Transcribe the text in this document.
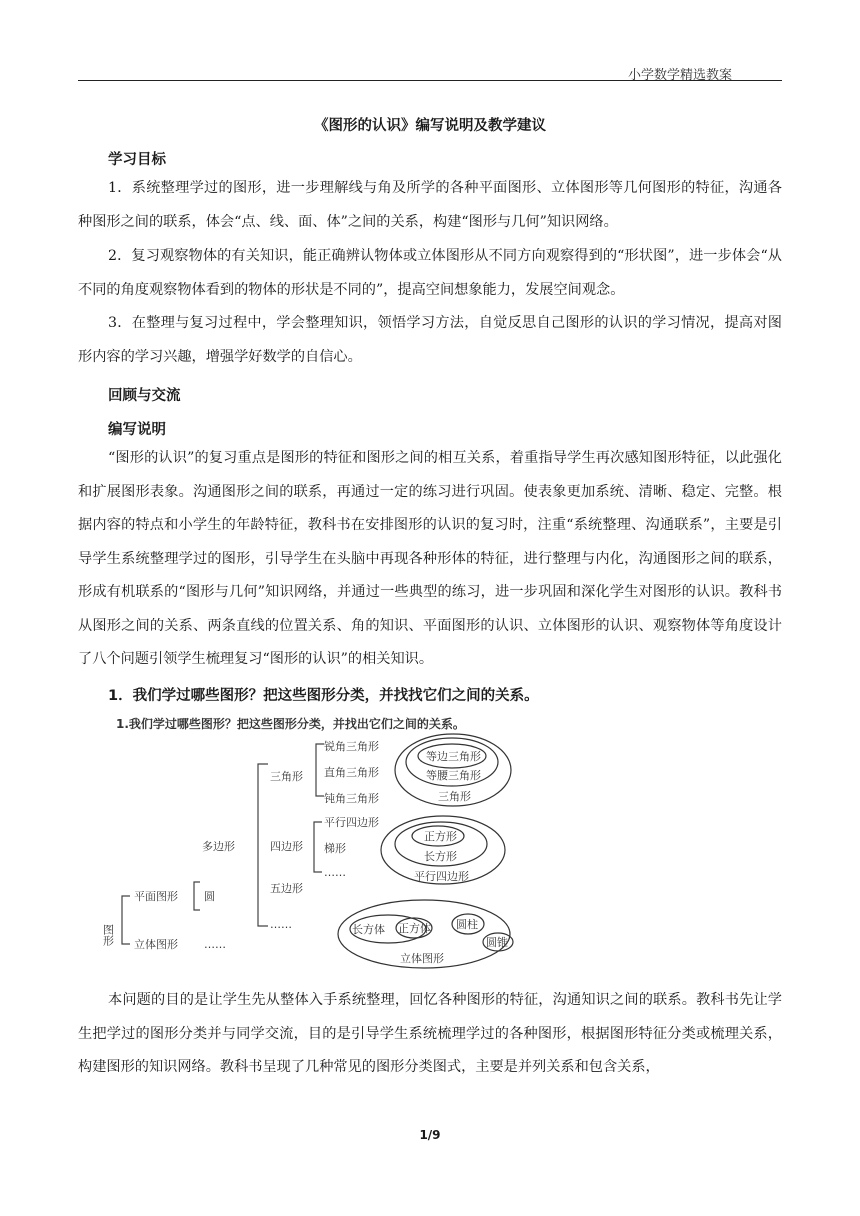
小学数学精选教案
《图形的认识》编写说明及教学建议
学习目标
1．系统整理学过的图形，进一步理解线与角及所学的各种平面图形、立体图形等几何图形的特征，沟通各种图形之间的联系，体会“点、线、面、体”之间的关系，构建“图形与几何”知识网络。
2．复习观察物体的有关知识，能正确辨认物体或立体图形从不同方向观察得到的“形状图”，进一步体会“从不同的角度观察物体看到的物体的形状是不同的”，提高空间想象能力，发展空间观念。
3．在整理与复习过程中，学会整理知识，领悟学习方法，自觉反思自己图形的认识的学习情况，提高对图形内容的学习兴趣，增强学好数学的自信心。
回顾与交流
编写说明
“图形的认识”的复习重点是图形的特征和图形之间的相互关系，着重指导学生再次感知图形特征，以此强化和扩展图形表象。沟通图形之间的联系，再通过一定的练习进行巩固。使表象更加系统、清晰、稳定、完整。根据内容的特点和小学生的年龄特征，教科书在安排图形的认识的复习时，注重“系统整理、沟通联系”，主要是引导学生系统整理学过的图形，引导学生在头脑中再现各种形体的特征，进行整理与内化，沟通图形之间的联系，形成有机联系的“图形与几何”知识网络，并通过一些典型的练习，进一步巩固和深化学生对图形的认识。教科书从图形之间的关系、两条直线的位置关系、角的知识、平面图形的认识、立体图形的认识、观察物体等角度设计了八个问题引领学生梳理复习“图形的认识”的相关知识。
1．我们学过哪些图形？把这些图形分类，并找找它们之间的关系。
1.我们学过哪些图形？把这些图形分类，并找出它们之间的关系。
图形
平面图形
立体图形 ……
多边形
圆
三角形
四边形
五边形
……
锐角三角形
直角三角形
钝角三角形
平行四边形
梯形
……
等边三角形
等腰三角形
三角形
正方形
长方形
平行四边形
长方体 正方体 圆柱
圆锥
立体图形
本问题的目的是让学生先从整体入手系统整理，回忆各种图形的特征，沟通知识之间的联系。教科书先让学生把学过的图形分类并与同学交流，目的是引导学生系统梳理学过的各种图形，根据图形特征分类或梳理关系，构建图形的知识网络。教科书呈现了几种常见的图形分类图式，主要是并列关系和包含关系，
1/9
